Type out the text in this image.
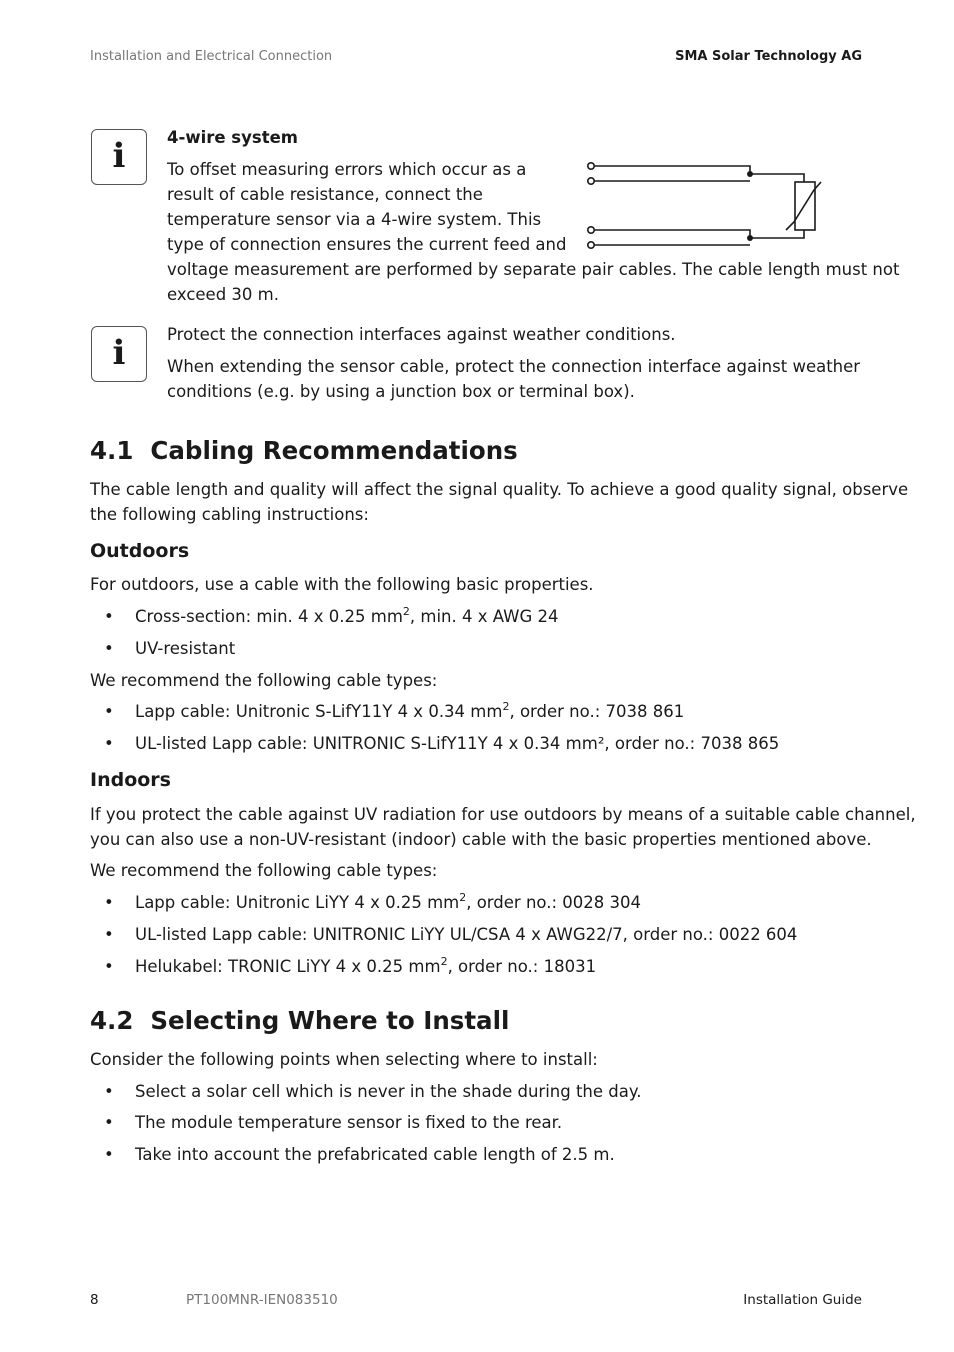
Installation and Electrical Connection	SMA Solar Technology AG
i	4-wire system
To offset measuring errors which occur as a
result of cable resistance, connect the
temperature sensor via a 4-wire system. This
type of connection ensures the current feed and
voltage measurement are performed by separate pair cables. The cable length must not
exceed 30 m.
i	Protect the connection interfaces against weather conditions.
When extending the sensor cable, protect the connection interface against weather
conditions (e.g. by using a junction box or terminal box).
4.1 Cabling Recommendations
The cable length and quality will affect the signal quality. To achieve a good quality signal, observe
the following cabling instructions:
Outdoors
For outdoors, use a cable with the following basic properties.
• Cross-section: min. 4 x 0.25 $mm^2$, min. 4 x AWG 24
• UV-resistant
We recommend the following cable types:
• Lapp cable: Unitronic S-LifY11Y 4 x 0.34 $mm^2$, order no.: 7038 861
• UL-listed Lapp cable: UNITRONIC S-LifY11Y 4 x 0.34 mm², order no.: 7038 865
Indoors
If you protect the cable against UV radiation for use outdoors by means of a suitable cable channel,
you can also use a non-UV-resistant (indoor) cable with the basic properties mentioned above.
We recommend the following cable types:
• Lapp cable: Unitronic LiYY 4 x 0.25 $mm^2$, order no.: 0028 304
• UL-listed Lapp cable: UNITRONIC LiYY UL/CSA 4 x AWG22/7, order no.: 0022 604
• Helukabel: TRONIC LiYY 4 x 0.25 $mm^2$, order no.: 18031
4.2 Selecting Where to Install
Consider the following points when selecting where to install:
• Select a solar cell which is never in the shade during the day.
• The module temperature sensor is fixed to the rear.
• Take into account the prefabricated cable length of 2.5 m.
8	PT100MNR-IEN083510	Installation Guide
